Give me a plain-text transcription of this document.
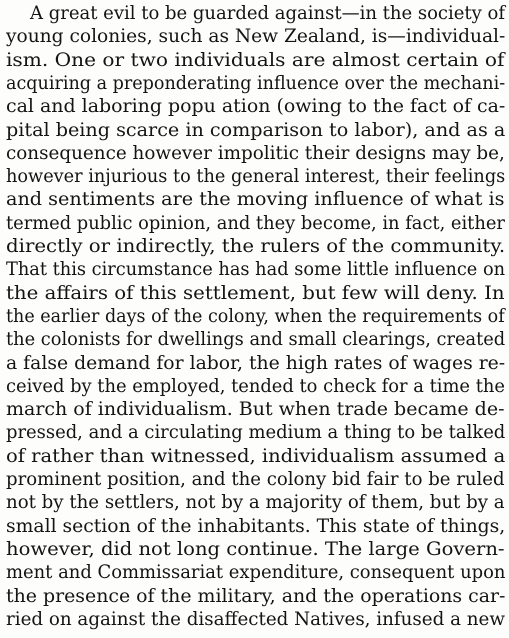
A great evil to be guarded against—in the society of
young colonies, such as New Zealand, is—individual-
ism. One or two individuals are almost certain of
acquiring a preponderating influence over the mechani-
cal and laboring popu ation (owing to the fact of ca-
pital being scarce in comparison to labor), and as a
consequence however impolitic their designs may be,
however injurious to the general interest, their feelings
and sentiments are the moving influence of what is
termed public opinion, and they become, in fact, either
directly or indirectly, the rulers of the community.
That this circumstance has had some little influence on
the affairs of this settlement, but few will deny. In
the earlier days of the colony, when the requirements of
the colonists for dwellings and small clearings, created
a false demand for labor, the high rates of wages re-
ceived by the employed, tended to check for a time the
march of individualism. But when trade became de-
pressed, and a circulating medium a thing to be talked
of rather than witnessed, individualism assumed a
prominent position, and the colony bid fair to be ruled
not by the settlers, not by a majority of them, but by a
small section of the inhabitants. This state of things,
however, did not long continue. The large Govern-
ment and Commissariat expenditure, consequent upon
the presence of the military, and the operations car-
ried on against the disaffected Natives, infused a new
